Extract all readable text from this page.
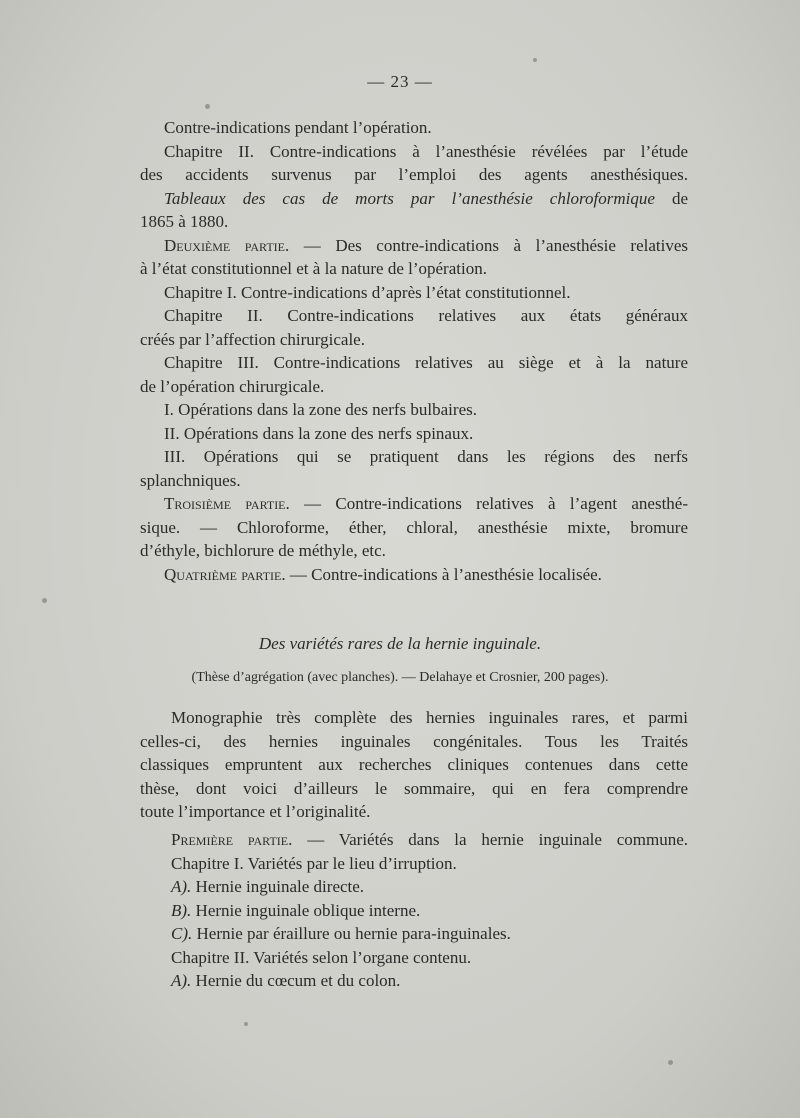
— 23 —
Contre-indications pendant l’opération.
Chapitre II. Contre-indications à l’anesthésie révélées par l’étude
des accidents survenus par l’emploi des agents anesthésiques.
Tableaux des cas de morts par l’anesthésie chloroformique de
1865 à 1880.
Deuxième partie. — Des contre-indications à l’anesthésie relatives
à l’état constitutionnel et à la nature de l’opération.
Chapitre I. Contre-indications d’après l’état constitutionnel.
Chapitre II. Contre-indications relatives aux états généraux
créés par l’affection chirurgicale.
Chapitre III. Contre-indications relatives au siège et à la nature
de l’opération chirurgicale.
I. Opérations dans la zone des nerfs bulbaires.
II. Opérations dans la zone des nerfs spinaux.
III. Opérations qui se pratiquent dans les régions des nerfs
splanchniques.
Troisième partie. — Contre-indications relatives à l’agent anesthé-
sique. — Chloroforme, éther, chloral, anesthésie mixte, bromure
d’éthyle, bichlorure de méthyle, etc.
Quatrième partie. — Contre-indications à l’anesthésie localisée.
Des variétés rares de la hernie inguinale.
(Thèse d’agrégation (avec planches). — Delahaye et Crosnier, 200 pages).
Monographie très complète des hernies inguinales rares, et parmi
celles-ci, des hernies inguinales congénitales. Tous les Traités
classiques empruntent aux recherches cliniques contenues dans cette
thèse, dont voici d’ailleurs le sommaire, qui en fera comprendre
toute l’importance et l’originalité.
Première partie. — Variétés dans la hernie inguinale commune.
Chapitre I. Variétés par le lieu d’irruption.
A). Hernie inguinale directe.
B). Hernie inguinale oblique interne.
C). Hernie par éraillure ou hernie para-inguinales.
Chapitre II. Variétés selon l’organe contenu.
A). Hernie du cœcum et du colon.
